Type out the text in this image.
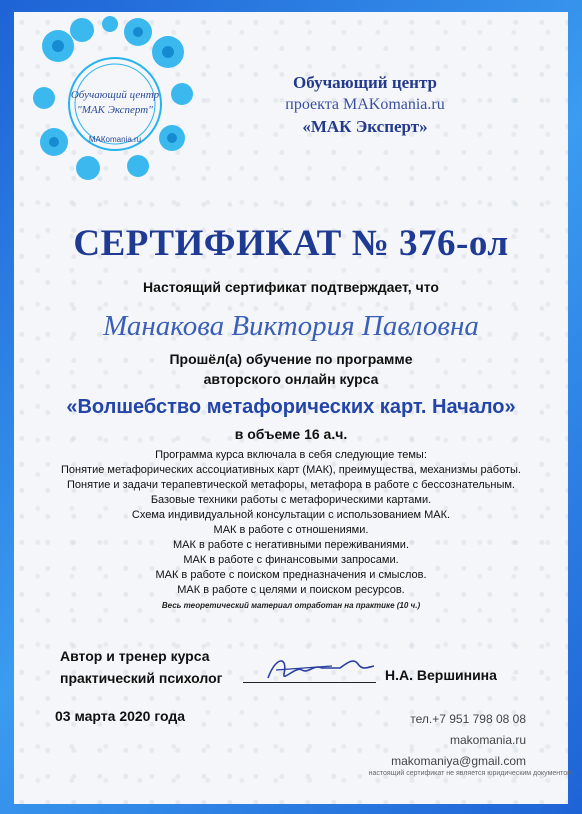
Обучающий центр
"МАК Эксперт"
МАКomania.ru
Обучающий центр
проекта MAKomania.ru
«МАК Эксперт»
СЕРТИФИКАТ № 376-ол
Настоящий сертификат подтверждает, что
Манакова Виктория Павловна
Прошёл(а) обучение по программе
авторского онлайн курса
«Волшебство метафорических карт. Начало»
в объеме 16 а.ч.
Программа курса включала в себя следующие темы:
Понятие метафорических ассоциативных карт (МАК), преимущества, механизмы работы.
Понятие и задачи терапевтической метафоры, метафора в работе с бессознательным.
Базовые техники работы с метафорическими картами.
Схема индивидуальной консультации с использованием МАК.
МАК в работе с отношениями.
МАК в работе с негативными переживаниями.
МАК в работе с финансовыми запросами.
МАК в работе с поиском предназначения и смыслов.
МАК в работе с целями и поиском ресурсов.
Весь теоретический материал отработан на практике (10 ч.)
Автор и тренер курса
практический психолог	Н.А. Вершинина
03 марта 2020 года	тел.+7 951 798 08 08
makomania.ru
makomaniya@gmail.com
настоящий сертификат не является юридическим документом
